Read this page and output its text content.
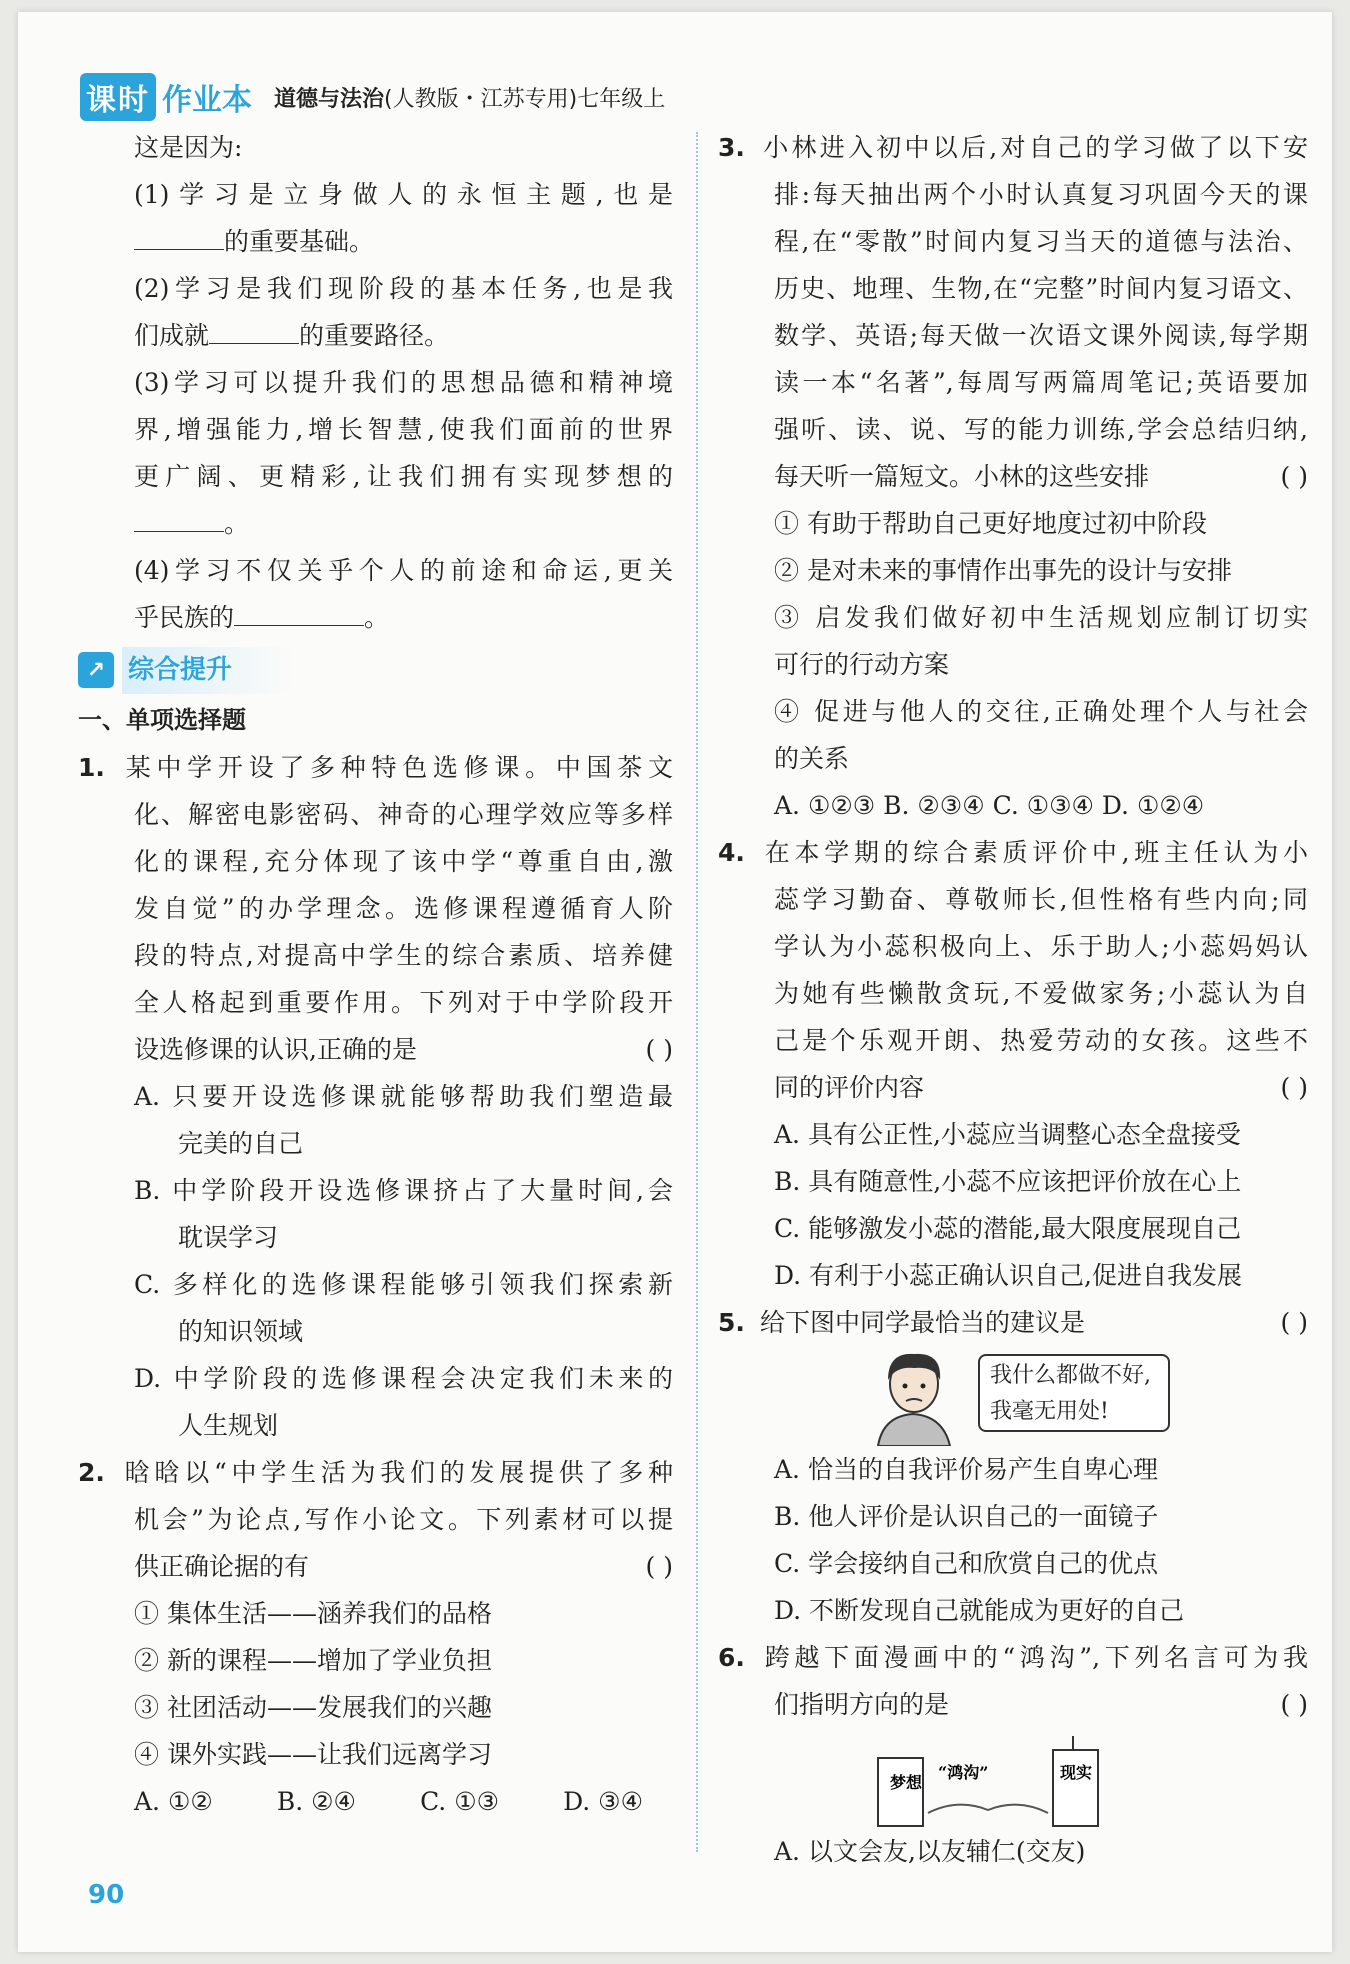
课时 作业本 道德与法治(人教版・江苏专用)七年级上
这是因为:
(1)学习是立身做人的永恒主题,也是
的重要基础。
(2)学习是我们现阶段的基本任务,也是我
们成就	的重要路径。
(3)学习可以提升我们的思想品德和精神境
界,增强能力,增长智慧,使我们面前的世界
更广阔、更精彩,让我们拥有实现梦想的
。
(4)学习不仅关乎个人的前途和命运,更关
乎民族的	。
↗ 综合提升
一、单项选择题
1. 某中学开设了多种特色选修课。中国茶文
化、解密电影密码、神奇的心理学效应等多样
化的课程,充分体现了该中学“尊重自由,激
发自觉”的办学理念。选修课程遵循育人阶
段的特点,对提高中学生的综合素质、培养健
全人格起到重要作用。下列对于中学阶段开
设选修课的认识,正确的是	( )
A. 只要开设选修课就能够帮助我们塑造最
完美的自己
B. 中学阶段开设选修课挤占了大量时间,会
耽误学习
C. 多样化的选修课程能够引领我们探索新
的知识领域
D. 中学阶段的选修课程会决定我们未来的
人生规划
2. 晗晗以“中学生活为我们的发展提供了多种
机会”为论点,写作小论文。下列素材可以提
供正确论据的有	( )
① 集体生活——涵养我们的品格
② 新的课程——增加了学业负担
③ 社团活动——发展我们的兴趣
④ 课外实践——让我们远离学习
A. ①②	B. ②④	C. ①③	D. ③④
3. 小林进入初中以后,对自己的学习做了以下安
排:每天抽出两个小时认真复习巩固今天的课
程,在“零散”时间内复习当天的道德与法治、
历史、地理、生物,在“完整”时间内复习语文、
数学、英语;每天做一次语文课外阅读,每学期
读一本“名著”,每周写两篇周笔记;英语要加
强听、读、说、写的能力训练,学会总结归纳,
每天听一篇短文。小林的这些安排	( )
① 有助于帮助自己更好地度过初中阶段
② 是对未来的事情作出事先的设计与安排
③ 启发我们做好初中生活规划应制订切实
可行的行动方案
④ 促进与他人的交往,正确处理个人与社会
的关系
A. ①②③ B. ②③④ C. ①③④ D. ①②④
4. 在本学期的综合素质评价中,班主任认为小
蕊学习勤奋、尊敬师长,但性格有些内向;同
学认为小蕊积极向上、乐于助人;小蕊妈妈认
为她有些懒散贪玩,不爱做家务;小蕊认为自
己是个乐观开朗、热爱劳动的女孩。这些不
同的评价内容	( )
A. 具有公正性,小蕊应当调整心态全盘接受
B. 具有随意性,小蕊不应该把评价放在心上
C. 能够激发小蕊的潜能,最大限度展现自己
D. 有利于小蕊正确认识自己,促进自我发展
5. 给下图中同学最恰当的建议是	( )
我什么都做不好,
我毫无用处!
A. 恰当的自我评价易产生自卑心理
B. 他人评价是认识自己的一面镜子
C. 学会接纳自己和欣赏自己的优点
D. 不断发现自己就能成为更好的自己
6. 跨越下面漫画中的“鸿沟”,下列名言可为我
们指明方向的是	( )
梦想
“鸿沟”	现实
A. 以文会友,以友辅仁(交友)
90
